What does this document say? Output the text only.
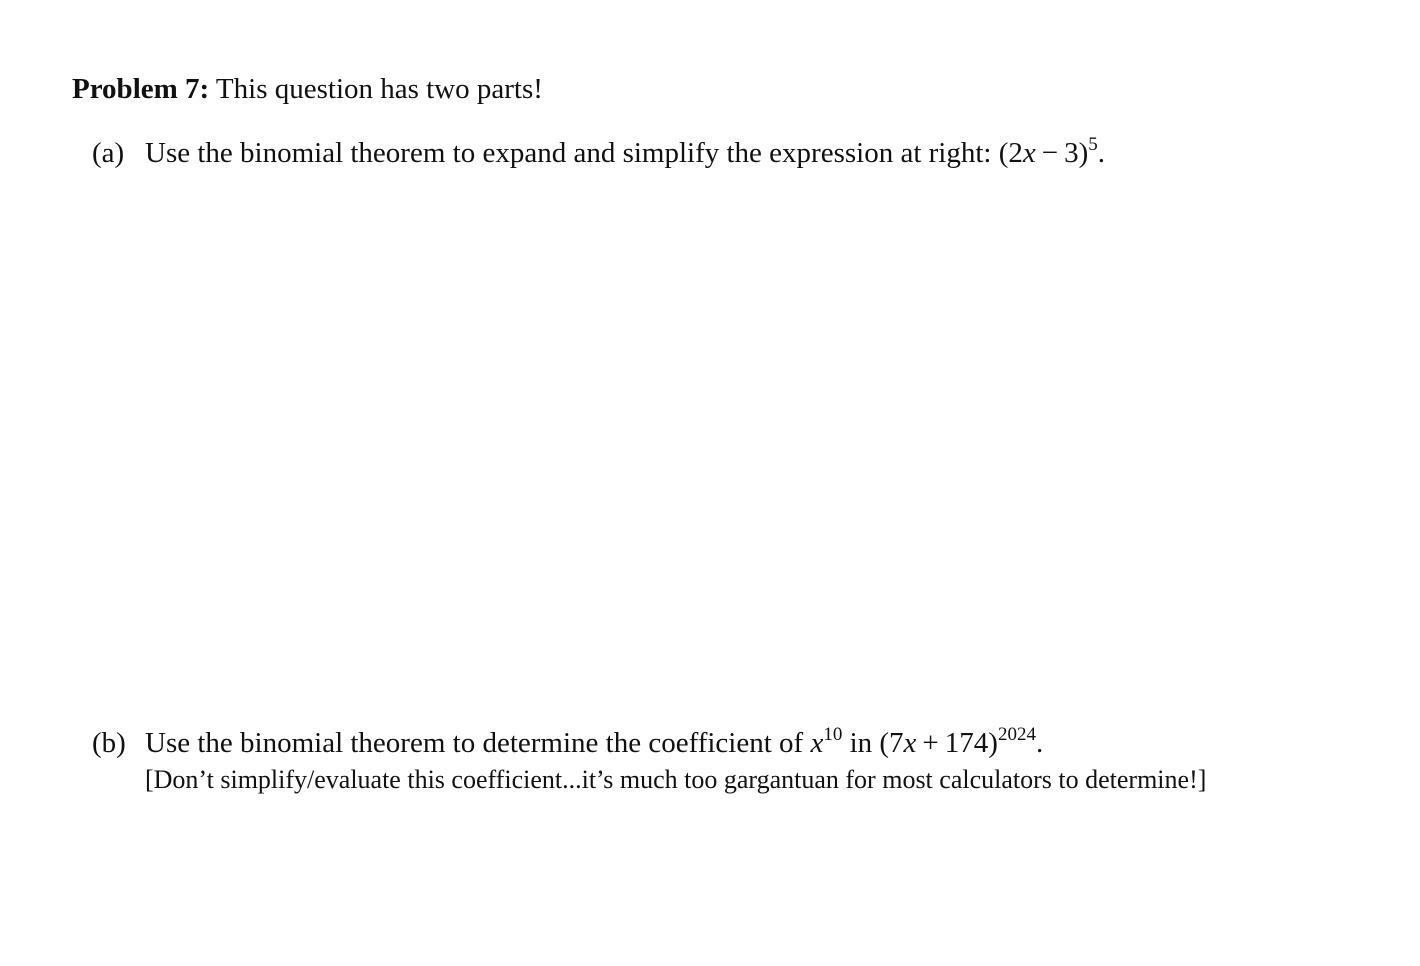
Problem 7: This question has two parts!
(a) Use the binomial theorem to expand and simplify the expression at right: $(2x - 3)^5$.
(b) Use the binomial theorem to determine the coefficient of $x^{10}$ in $(7x + 174)^{2024}$.
[Don’t simplify/evaluate this coefficient...it’s much too gargantuan for most calculators to determine!]
